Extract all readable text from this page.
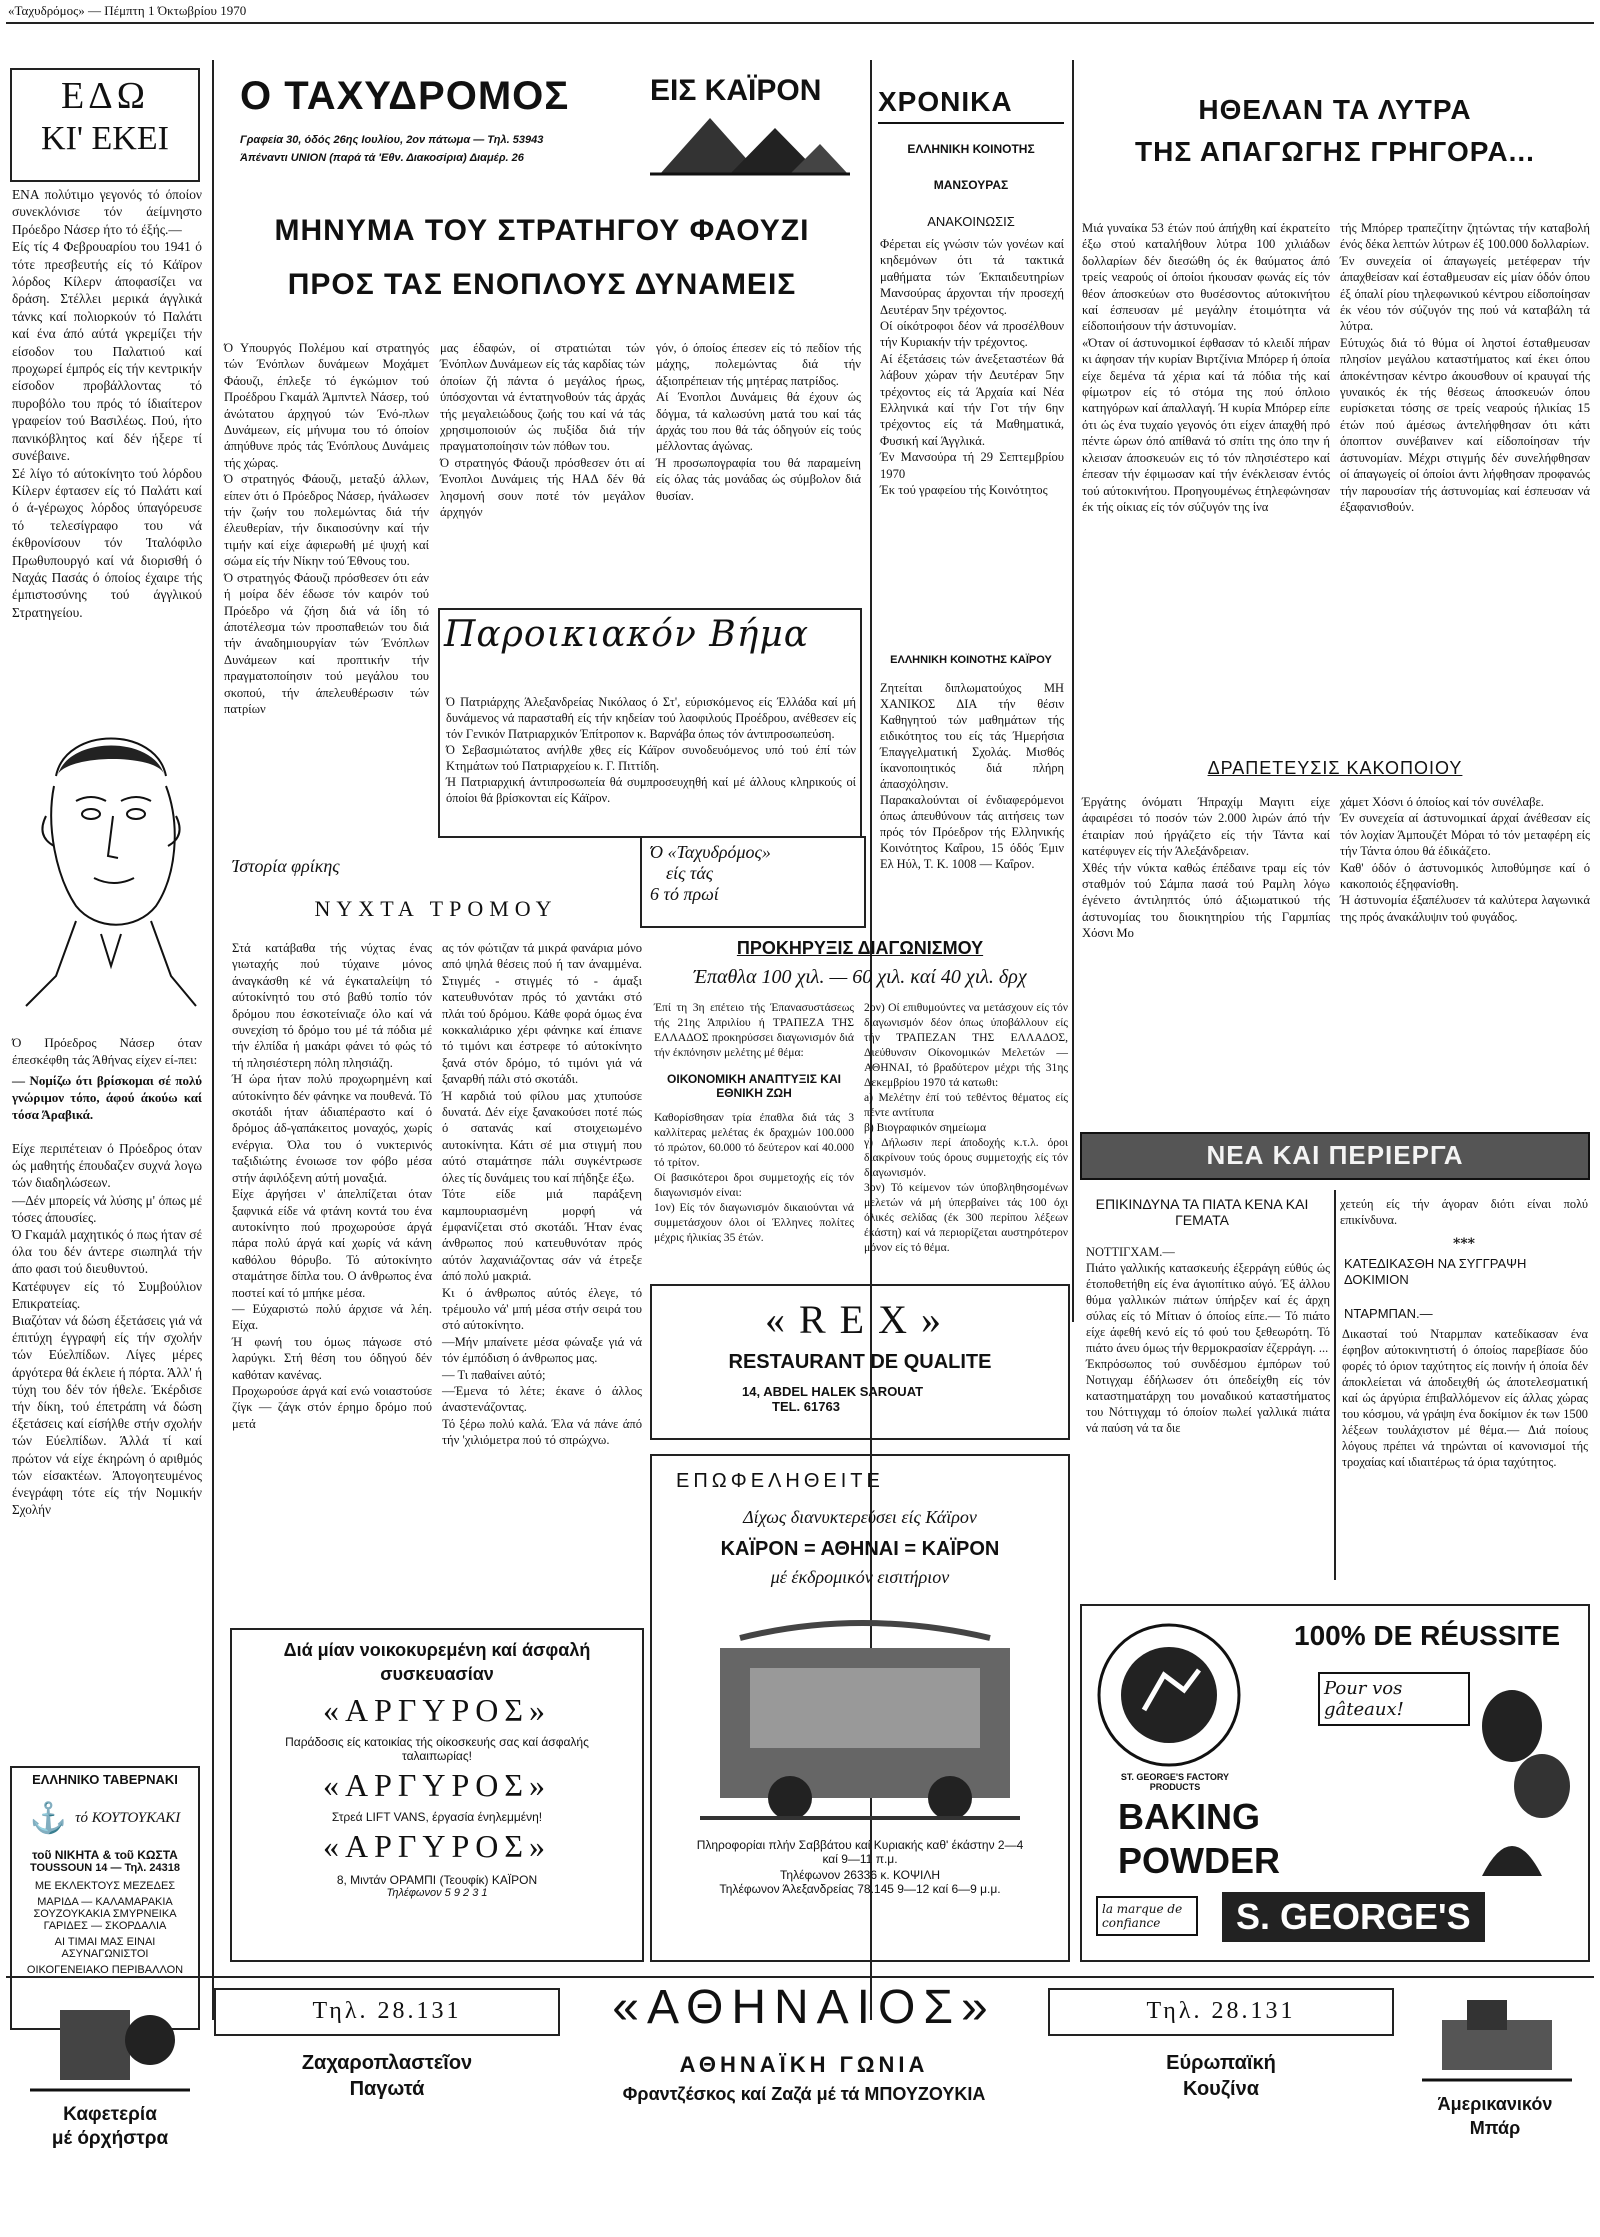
«Ταχυδρόμος» — Πέμπτη 1 Όκτωβρίου 1970
ΕΔΩ
ΚΙ' ΕΚΕΙ
ΕΝΑ πολύτιμο γεγονός τό όποίον συνεκλόνισε τόν άείμνηστο Πρόεδρο Νάσερ ήτο τό έξής.—
Είς τίς 4 Φεβρουαρίου του 1941 ό τότε πρεσβευτής είς τό Κάϊρον λόρδος Κίλερν άποφασίζει να δράση. Στέλλει μερικά άγγλικά τάνκς καί πολιορκούν τό Παλάτι καί ένα άπό αύτά γκρεμίζει τήν είσοδον του Παλατιού καί προχωρεί έμπρός είς τήν κεντρικήν είσοδον προβάλλοντας τό πυροβόλο του πρός τό ίδιαίτερον γραφείον τού Βασιλέως. Πού, ήτο πανικόβλητος καί δέν ήξερε τί συνέβαινε.
Σέ λίγο τό αύτοκίνητο τού λόρδου Κίλερν έφτασεν είς τό Παλάτι καί ό ά-γέρωχος λόρδος ύπαγόρευσε τό τελεσίγραφο του νά έκθρονίσουν τόν Ίταλόφιλο Πρωθυπουργό καί νά διορισθή ό Ναχάς Πασάς ό όποίος έχαιρε τής έμπιστοσύνης τού άγγλικού Στρατηγείου.
Ό Πρόεδρος Νάσερ όταν έπεσκέφθη τάς Άθήνας είχεν εί-πει:
— Νομίζω ότι βρίσκομαι σέ πολύ γνώριμον τόπο, άφού άκούω καί τόσα Άραβικά.
Είχε περιπέτειαν ό Πρόεδρος όταν ώς μαθητής έπουδαζεν συχνά λογω τών διαδηλώσεων.
—Δέν μπορείς νά λύσης μ' όπως μέ τόσες άπουσίες.
Ό Γκαμάλ μαχητικός ό πως ήταν σέ όλα του δέν άντερε σιωπηλά τήν άπο φασι τού διευθυντού.
Κατέφυγεν είς τό Συμβούλιον Επικρατείας.
Βιαζόταν νά δώση έξετάσεις γιά νά έπιτύχη έγγραφή είς τήν σχολήν τών Εύελπίδων. Λίγες μέρες άργότερα θά έκλειε ή πόρτα. Άλλ' ή τύχη του δέν τόν ήθελε. Έκέρδισε τήν δίκη, τού έπετράπη νά δώση έξετάσεις καί είσήλθε στήν σχολήν τών Εύελπίδων. Άλλά τί καί πρώτον νά είχε έκηρώνη ό αριθμός τών είσακτέων. Άπογοητευμένος ένεγράφη τότε είς τήν Νομικήν Σχολήν
ΕΛΛΗΝΙΚΟ ΤΑΒΕΡΝΑΚΙ
⚓ τό ΚΟΥΤΟΥΚΑΚΙ
τοῦ ΝΙΚΗΤΑ & τοῦ ΚΩΣΤΑ
TOUSSOUN 14 — Τηλ. 24318
ΜΕ ΕΚΛΕΚΤΟΥΣ ΜΕΖΕΔΕΣ
ΜΑΡΙΔΑ — ΚΑΛΑΜΑΡΑΚΙΑ ΣΟΥΖΟΥΚΑΚΙΑ ΣΜΥΡΝΕΙΚΑ ΓΑΡΙΔΕΣ — ΣΚΟΡΔΑΛΙΑ
ΑΙ ΤΙΜΑΙ ΜΑΣ ΕΙΝΑΙ ΑΣΥΝΑΓΩΝΙΣΤΟΙ
ΟΙΚΟΓΕΝΕΙΑΚΟ ΠΕΡΙΒΑΛΛΟΝ
Ο ΤΑΧΥΔΡΟΜΟΣ	ΕΙΣ ΚΑΪΡΟΝ
Γραφεία 30, όδός 26ης Ιουλίου, 2ον πάτωμα — Τηλ. 53943
Άπέναντι UNION (παρά τά 'Εθν. Διακοσίρια) Διαμέρ. 26
ΜΗΝΥΜΑ ΤΟΥ ΣΤΡΑΤΗΓΟΥ ΦΑΟΥΖΙ
ΠΡΟΣ ΤΑΣ ΕΝΟΠΛΟΥΣ ΔΥΝΑΜΕΙΣ
Ό Υπουργός Πολέμου καί στρατηγός τών Ένόπλων δυνάμεων Μοχάμετ Φάουζι, έπλεξε τό έγκώμιον τού Προέδρου Γκαμάλ Άμπντελ Νάσερ, τού άνώτατου άρχηγού τών Ένό-πλων Δυνάμεων, είς μήνυμα του τό όποίον άπηύθυνε πρός τάς Ένόπλους Δυνάμεις τής χώρας.
Ό στρατηγός Φάουζι, μεταξύ άλλων, είπεν ότι ό Πρόεδρος Νάσερ, ήνάλωσεν τήν ζωήν του πολεμώντας διά τήν έλευθερίαν, τήν δικαιοσύνην καί τήν τιμήν καί είχε άφιερωθή μέ ψυχή καί σώμα είς τήν Νίκην τού Έθνους του.
Ό στρατηγός Φάουζι πρόσθεσεν ότι εάν ή μοίρα δέν έδωσε τόν καιρόν τού Πρόεδρο νά ζήση διά νά ίδη τό άποτέλεσμα τών προσπαθειών του διά τήν άναδημιουργίαν τών Ένόπλων Δυνάμεων καί προπτικήν τήν πραγματοποίησιν τού μεγάλου του σκοπού, τήν άπελευθέρωσιν τών πατρίων
μας έδαφών, οί στρατιώται τών Ένόπλων Δυνάμεων είς τάς καρδίας τών όποίων ζή πάντα ό μεγάλος ήρως, ύπόσχονται νά έντατηνοθούν τάς άρχάς τής μεγαλειώδους ζωής του καί νά τάς χρησιμοποιούν ώς πυξίδα διά τήν πραγματοποίησιν τών πόθων του.
Ό στρατηγός Φάουζι πρόσθεσεν ότι αί Ένοπλοι Δυνάμεις τής ΗΑΔ δέν θά λησμονή σουν ποτέ τόν μεγάλον άρχηγόν
γόν, ό όποίος έπεσεν είς τό πεδίον τής μάχης, πολεμώντας διά τήν άξιοπρέπειαν τής μητέρας πατρίδος.
Αί Ένοπλοι Δυνάμεις θά έχουν ώς δόγμα, τά καλωσύνη ματά του καί τάς άρχάς του που θά τάς όδηγούν είς τούς μέλλοντας άγώνας.
Ή προσωπογραφία του θά παραμείνη είς όλας τάς μονάδας ώς σύμβολον διά θυσίαν.
Παροικιακόν Βήμα
Ό Πατριάρχης Άλεξανδρείας Νικόλαος ό Στ', εύρισκόμενος είς Έλλάδα καί μή δυνάμενος νά παρασταθή είς τήν κηδείαν τού λαοφιλούς Προέδρου, ανέθεσεν είς τόν Γενικόν Πατριαρχικόν Έπίτροπον κ. Βαρνάβα όπως τόν άντιπροσωπεύση.
Ό Σεβασμιώτατος ανήλθε χθες είς Κάϊρον συνοδευόμενος υπό τού έπί τών Κτημάτων τού Πατριαρχείου κ. Γ. Πιττίδη.
Ή Πατριαρχική άντιπροσωπεία θά συμπροσευχηθή καί μέ άλλους κληρικούς οί όποίοι θά βρίσκονται είς Κάϊρον.
Ίστορία φρίκης
ΝΥΧΤΑ ΤΡΟΜΟΥ
Στά κατάβαθα τής νύχτας ένας γιωταχής πού τύχαινε μόνος άναγκάσθη κέ νά έγκαταλείψη τό αύτοκίνητό του στό βαθύ τοπίο τόν δρόμου που έσκοτείνιαζε όλο καί νά συνεχίση τό δρόμο του μέ τά πόδια μέ τήν έλπίδα ή μακάρι φάνει τό φώς τό τή πλησιέστερη πόλη πλησιάζη.
Ή ώρα ήταν πολύ προχωρημένη καί αύτοκίνητο δέν φάνηκε να πουθενά. Τό σκοτάδι ήταν άδιαπέραστο καί ό δρόμος άδ-γαπάκειτος μοναχός, χωρίς ενέργια. Όλα του ό νυκτερινός ταξιδιώτης ένοιωσε τον φόβο μέσα στήν άφιλόξενη αύτή μοναξιά.
Είχε άργήσει ν' άπελπίζεται όταν ξαφνικά είδε νά φτάνη κοντά του ένα αυτοκίνητο πού προχωρούσε άργά πάρα πολύ άργά καί χωρίς νά κάνη καθόλου θόρυβο. Τό αύτοκίνητο σταμάτησε δίπλα του. Ο άνθρωπος ένα ποστεί καί τό μπήκε μέσα.
— Εύχαριστώ πολύ άρχισε νά λέη. Είχα.
Ή φωνή του όμως πάγωσε στό λαρύγκι. Στή θέση του όδηγού δέν καθόταν κανένας.
Προχωρούσε άργά καί ενώ νοιαστούσε ζίγκ — ζάγκ στόν έρημο δρόμο πού μετά
ας τόν φώτιζαν τά μικρά φανάρια μόνο από ψηλά θέσεις πού ή ταν άναμμένα. Στιγμές - στιγμές τό - άμαξι κατευθυνόταν πρός τό χαντάκι στό πλάι τού δρόμου. Κάθε φορά όμως ένα κοκκαλιάρικο χέρι φάνηκε καί έπιανε τό τιμόνι και έστρεφε τό αύτοκίνητο ξανά στόν δρόμο, τό τιμόνι γιά νά ξαναρθή πάλι στό σκοτάδι.
Ή καρδιά τού φίλου μας χτυπούσε δυνατά. Δέν είχε ξανακούσει ποτέ πώς ό σατανάς καί στοιχειωμένο αυτοκίνητα. Κάτι σέ μια στιγμή που αύτό σταμάτησε πάλι συγκέντρωσε όλες τίς δυνάμεις του καί πήδηξε έξω.
Τότε είδε μιά παράξενη καμπουριασμένη μορφή νά έμφανίζεται στό σκοτάδι. Ήταν ένας άνθρωπος πού κατευθυνόταν πρός αύτόν λαχανιάζοντας σάν νά έτρεξε άπό πολύ μακριά.
Κι ό άνθρωπος αύτός έλεγε, τό τρέμουλο νά' μπή μέσα στήν σειρά του στό αύτοκίνητο.
—Μήν μπαίνετε μέσα φώναξε γιά νά τόν έμπόδιση ό άνθρωπος μας.
— Τι παθαίνει αύτό;
—Έμενα τό λέτε; έκανε ό άλλος άναστενάζοντας.
Τό ξέρω πολύ καλά. Έλα νά πάνε άπό τήν 'χιλιόμετρα πού τό σπρώχνω.
Διά μίαν νοικοκυρεμένη καί άσφαλή συσκευασίαν
«ΑΡΓΥΡΟΣ»
Παράδοσις είς κατοικίας τής οίκοσκευής σας καί άσφαλής ταλαιπωρίας!
«ΑΡΓΥΡΟΣ»
Στρεά LIFT VANS, έργασία ένηλεμμένη!
«ΑΡΓΥΡΟΣ»
8, Μιντάν ΟΡΑΜΠΙ (Τεουφίκ) ΚΑΪΡΟΝ
Τηλέφωνον 5 9 2 3 1
ΧΡΟΝΙΚΑ
ΕΛΛΗΝΙΚΗ ΚΟΙΝΟΤΗΣ
ΜΑΝΣΟΥΡΑΣ
ΑΝΑΚΟΙΝΩΣΙΣ
Φέρεται είς γνώσιν τών γονέων καί κηδεμόνων ότι τά τακτικά μαθήματα τών Έκπαιδευτηρίων Μανσούρας άρχονται τήν προσεχή Δευτέραν 5ην τρέχοντος.
Οί οίκότροφοι δέον νά προσέλθουν τήν Κυριακήν τήν τρέχοντος.
Αί έξετάσεις τών άνεξεταστέων θά λάβουν χώραν τήν Δευτέραν 5ην τρέχοντος είς τά Άρχαία καί Νέα Ελληνικά καί τήν Γοτ τήν 6ην τρέχοντος είς τά Μαθηματικά, Φυσική καί Άγγλικά.
Έν Μανσούρα τή 29 Σεπτεμβρίου 1970
Έκ τού γραφείου τής Κοινότητος
ΕΛΛΗΝΙΚΗ ΚΟΙΝΟΤΗΣ ΚΑΪΡΟΥ
Ζητείται διπλωματούχος ΜΗ ΧΑΝΙΚΟΣ ΔΙΑ τήν θέσιν Καθηγητού τών μαθημάτων τής ειδικότητος του είς τάς Ήμερήσια Έπαγγελματική Σχολάς. Μισθός ίκανοποιητικός διά πλήρη άπασχόλησιν.
Παρακαλούνται οί ένδιαφερόμενοι όπως άπευθύνουν τάς αιτήσεις των πρός τόν Πρόεδρον τής Ελληνικής Κοινότητος Καΐρου, 15 όδός Έμιν Ελ Ηύλ, Τ. Κ. 1008 — Καΐρον.
Ό «Ταχυδρόμος»
είς τάς
6 τό πρωί
ΠΡΟΚΗΡΥΞΙΣ ΔΙΑΓΩΝΙΣΜΟΥ
Έπαθλα 100 χιλ. — 60 χιλ. καί 40 χιλ. δρχ
Έπί τη 3η επέτειο τής Έπανασυστάσεως τής 21ης Άπριλίου ή ΤΡΑΠΕΖΑ ΤΗΣ ΕΛΛΑΔΟΣ προκηρύσσει διαγωνισμόν διά τήν έκπόνησιν μελέτης μέ θέμα:
ΟΙΚΟΝΟΜΙΚΗ ΑΝΑΠΤΥΞΙΣ ΚΑΙ ΕΘΝΙΚΗ ΖΩΗ
Καθορίσθησαν τρία έπαθλα διά τάς 3 καλλίτερας μελέτας έκ δραχμών 100.000 τό πρώτον, 60.000 τό δεύτερον καί 40.000 τό τρίτον.
Οί βασικότεροι δροι συμμετοχής είς τόν διαγωνισμόν είναι:
1ον) Είς τόν διαγωνισμόν δικαιούνται νά συμμετάσχουν όλοι οί Έλληνες πολίτες μέχρις ήλικίας 35 έτών.
2ον) Οί επιθυμούντες να μετάσχουν είς τόν διαγωνισμόν δέον όπως ύποβάλλουν είς τήν ΤΡΑΠΕΖΑΝ ΤΗΣ ΕΛΛΑΔΟΣ, Διεύθυνσιν Οίκονομικών Μελετών — ΑΘΗΝΑΙ, τό βραδύτερον μέχρι τής 31ης Δεκεμβρίου 1970 τά κατωθι:
a) Μελέτην έπί τού τεθέντος θέματος είς πέντε αντίτυπα
β) Βιογραφικόν σημείωμα
γ) Δήλωσιν περί άποδοχής κ.τ.λ. όροι διακρίνουν τούς όρους συμμετοχής είς τόν διαγωνισμόν.
3ον) Τό κείμενον τών ύποβληθησομένων μελετών νά μή ύπερβαίνει τάς 100 όχι όλικές σελίδας (έκ 300 περίπου λέξεων έκάστη) καί νά περιορίζεται αυστηρότερον μόνον είς τό θέμα.
«REX»
RESTAURANT DE QUALITE
14, ABDEL HALEK SAROUAT
TEL. 61763
ΕΠΩΦΕΛΗΘΕΙΤΕ
Δίχως διανυκτερεύσει είς Κάϊρον
ΚΑΪΡΟΝ = ΑΘΗΝΑΙ = ΚΑΪΡΟΝ
μέ έκδρομικόν εισιτήριον
Πληροφορίαι πλήν Σαββάτου καί Κυριακής καθ' έκάστην 2—4 καί 9—11 π.μ.
Τηλέφωνον 26336 κ. ΚΟΨΙΛΗ
Τηλέφωνον Άλεξανδρείας 78.145 9—12 καί 6—9 μ.μ.
ΗΘΕΛΑΝ ΤΑ ΛΥΤΡΑ
ΤΗΣ ΑΠΑΓΩΓΗΣ ΓΡΗΓΟΡΑ...
Μιά γυναίκα 53 έτών πού άπήχθη καί έκρατείτο έξω στού καταλήθουν λύτρα 100 χιλιάδων δολλαρίων δέν διεσώθη ός έκ θαύματος άπό τρείς νεαρούς οί όποίοι ήκουσαν φωνάς είς τόν θέον άποσκεύων στο θυσέσοντος αύτοκινήτου καί έσπευσαν μέ μεγάλην έτοιμότητα νά είδοποιήσουν τήν άστυνομίαν.
«Όταν οί άστυνομικοί έφθασαν τό κλειδί πήραν κι άφησαν τήν κυρίαν Βιρτζίνια Μπόρερ ή όποία είχε δεμένα τά χέρια καί τά πόδια τής καί φίμωτρον είς τό στόμα της πού όπλοιο κατηγόρων καί άπαλλαγή. Ή κυρία Μπόρερ είπε ότι ώς ένα τυχαίο γεγονός ότι είχεν άπαχθή πρό πέντε ώρων όπό απίθανά τό σπίτι της όπο την ή κλεισαν άποσκευών εις τό τόν πλησιέστερο καί έπεσαν τήν έφιμωσαν καί τήν ένέκλεισαν έντός τού αύτοκινήτου. Προηγουμένως έτηλεφώνησαν έκ τής οίκιας είς τόν σύζυγόν της ίνα
τής Μπόρερ τραπεζίτην ζητώντας τήν καταβολή ένός δέκα λεπτών λύτρων έξ 100.000 δολλαρίων.
Έν συνεχεία οί άπαγωγείς μετέφεραν τήν άπαχθείσαν καί έσταθμευσαν είς μίαν όδόν όπου έξ όπαλί ρίου τηλεφωνικού κέντρου είδοποίησαν έκ νέου τόν σύζυγόν της πού νά καταβάλη τά λύτρα.
Εύτυχώς διά τό θύμα οί ληστοί έσταθμευσαν πλησίον μεγάλου καταστήματος καί έκει όπου άποκέντησαν κέντρο άκουσθουν οί κραυγαί τής γυναικός έκ τής θέσεως άποσκευών όπου ευρίσκεται τόσης σε τρείς νεαρούς ήλικίας 15 έτών πού άμέσως άντελήφθησαν ότι κάτι όποπτον συνέβαινεν καί είδοποίησαν τήν άστυνομίαν. Μέχρι στιγμής δέν συνελήφθησαν οί άπαγωγείς οί όποίοι άντι λήφθησαν προφανώς τήν παρουσίαν τής άστυνομίας καί έσπευσαν νά έξαφανισθούν.
ΔΡΑΠΕΤΕΥΣΙΣ ΚΑΚΟΠΟΙΟΥ
Έργάτης όνόματι Ήπραχίμ Μαγιτι είχε άφαιρέσει τό ποσόν τών 2.000 λιρών άπό τήν έταιρίαν πού ήργάζετο είς τήν Τάντα καί κατέφυγεν είς τήν Άλεξάνδρειαν.
Χθές τήν νύκτα καθώς έπέδαινε τραμ είς τόν σταθμόν τού Σάμπα πασά τού Ραμλη λόγω έγένετο άντιληπτός ύπό άξιωματικού τής άστυνομίας του διοικητηρίου τής Γαρμπίας Χόσνι Μο
χάμετ Χόσνι ό όποίος καί τόν συνέλαβε.
Έν συνεχεία αί άστυνομικαί άρχαί άνέθεσαν είς τόν λοχίαν Άμπουζέτ Μόραι τό τόν μεταφέρη είς τήν Τάντα όπου θά έδικάζετο.
Καθ' όδόν ό άστυνομικός λιποθύμησε καί ό κακοποιός έξηφανίσθη.
Ή άστυνομία έξαπέλυσεν τά καλύτερα λαγωνικά της πρός άνακάλυψιν τού φυγάδος.
ΝΕΑ ΚΑΙ ΠΕΡΙΕΡΓΑ
ΕΠΙΚΙΝΔΥΝΑ ΤΑ ΠΙΑΤΑ ΚΕΝΑ ΚΑΙ ΓΕΜΑΤΑ
ΝΟΤΤΙΓΧΑΜ.—
Πιάτο γαλλικής κατασκευής έξερράγη εύθύς ώς έτοποθετήθη είς ένα άγιοπίτικο αύγό. Έξ άλλου θύμα γαλλικών πιάτων ύπήρξεν καί ές άρχη σύλας είς τό Μίτιαν ό όποίος είπε.— Τό πιάτο είχε άφεθή κενό είς τό φού του ξεθεωρότη. Τό πιάτο άνευ όμως τήν θερμοκρασίαν έζερράγη. ...
Έκπρόσωπος τού συνδέσμου έμπόρων τού Νοτιγχαμ έδήλωσεν ότι όπεδείχθη είς τόν καταστηματάρχη του μοναδικού καταστήματος του Νόττιγχαμ τό όποίον πωλεί γαλλικά πιάτα νά παύση νά τα διε
χετεύη είς τήν άγοραν διότι είναι πολύ επικίνδυνα.
***
ΚΑΤΕΔΙΚΑΣΘΗ ΝΑ ΣΥΓΓΡΑΨΗ ΔΟΚΙΜΙΟΝ
ΝΤΑΡΜΠΑΝ.—
Δικασταί τού Νταρμπαν κατεδίκασαν ένα έφηβον αύτοκινητιστή ό όποίος παρεβίασε δύο φορές τό όριον ταχύτητος είς ποινήν ή όποία δέν άποκλείεται νά άποδειχθή ώς άποτελεσματική καί ώς άργύρια έπιβαλλόμενον είς άλλας χώρας του κόσμου, νά γράψη ένα δοκίμιον έκ των 1500 λέξεων τουλάχιστον μέ θέμα.— Διά ποίους λόγους πρέπει νά τηρώνται οί κανονισμοί τής τροχαίας καί ιδιαιτέρως τά όρια ταχύτητος.
ST. GEORGE'S FACTORY PRODUCTS
100% DE RÉUSSITE
Pour vos gâteaux!
BAKING
POWDER
la marque de confiance	S. GEORGE'S
Τηλ. 28.131	Τηλ. 28.131
«ΑΘΗΝΑΙΟΣ»
ΑΘΗΝΑΪΚΗ ΓΩΝΙΑ
Φραντζέσκος καί Ζαζά μέ τά ΜΠΟΥΖΟΥΚΙΑ
Καφετερία
μέ όρχήστρα
Ζαχαροπλαστεῖον
Παγωτά
Εύρωπαϊκή
Κουζίνα
Άμερικανικόν
Μπάρ
